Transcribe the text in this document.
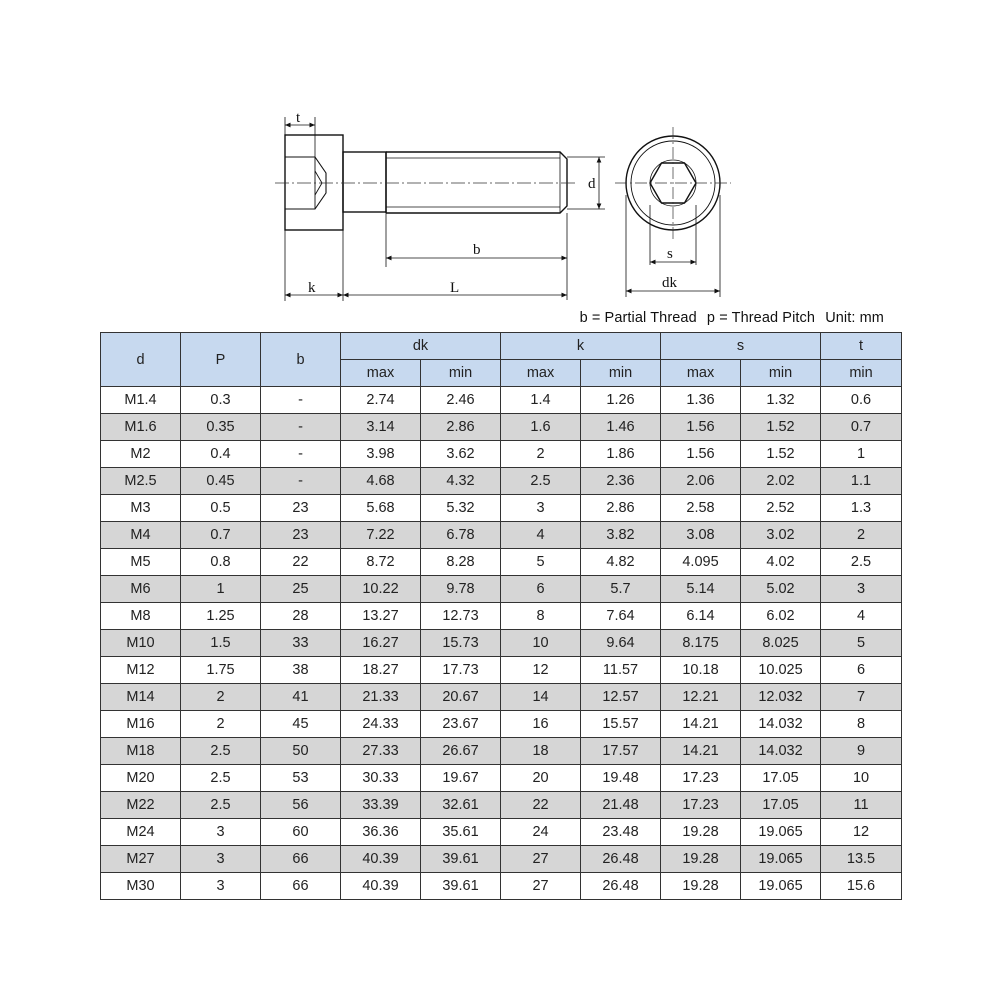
t
d
b
k	L
s
dk
b = Partial Thread p = Thread Pitch Unit: mm
d	P	b	dk		k		s		t
			max	min	max	min	max	min	min
M1.4	0.3	-	2.74	2.46	1.4	1.26	1.36	1.32	0.6
M1.6	0.35	-	3.14	2.86	1.6	1.46	1.56	1.52	0.7
M2	0.4	-	3.98	3.62	2	1.86	1.56	1.52	1
M2.5	0.45	-	4.68	4.32	2.5	2.36	2.06	2.02	1.1
M3	0.5	23	5.68	5.32	3	2.86	2.58	2.52	1.3
M4	0.7	23	7.22	6.78	4	3.82	3.08	3.02	2
M5	0.8	22	8.72	8.28	5	4.82	4.095	4.02	2.5
M6	1	25	10.22	9.78	6	5.7	5.14	5.02	3
M8	1.25	28	13.27	12.73	8	7.64	6.14	6.02	4
M10	1.5	33	16.27	15.73	10	9.64	8.175	8.025	5
M12	1.75	38	18.27	17.73	12	11.57	10.18	10.025	6
M14	2	41	21.33	20.67	14	12.57	12.21	12.032	7
M16	2	45	24.33	23.67	16	15.57	14.21	14.032	8
M18	2.5	50	27.33	26.67	18	17.57	14.21	14.032	9
M20	2.5	53	30.33	19.67	20	19.48	17.23	17.05	10
M22	2.5	56	33.39	32.61	22	21.48	17.23	17.05	11
M24	3	60	36.36	35.61	24	23.48	19.28	19.065	12
M27	3	66	40.39	39.61	27	26.48	19.28	19.065	13.5
M30	3	66	40.39	39.61	27	26.48	19.28	19.065	15.6
